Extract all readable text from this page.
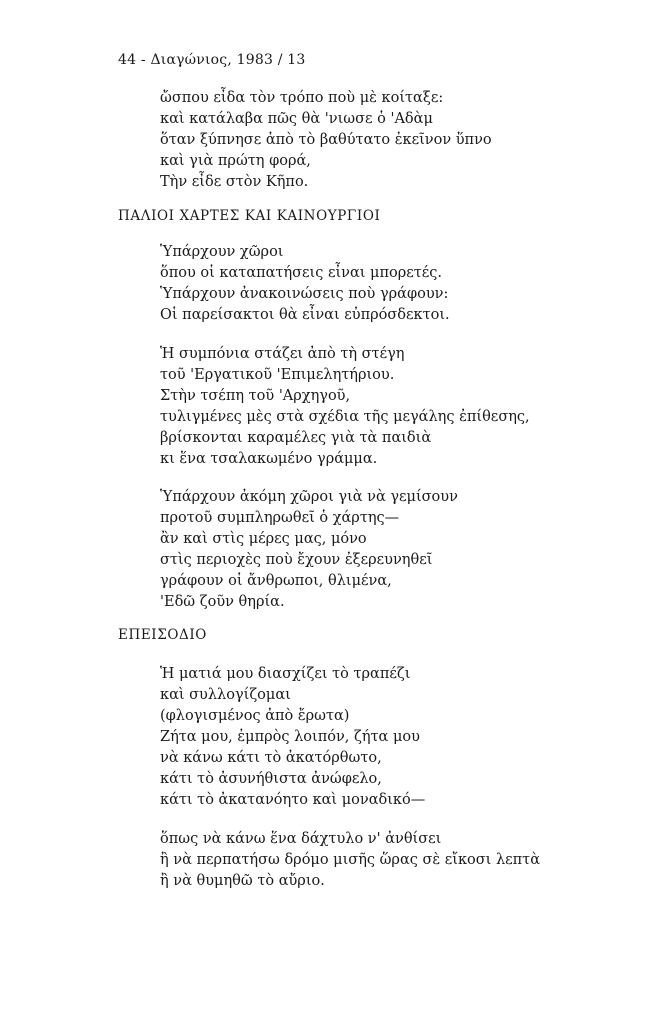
44 - Διαγώνιος, 1983 / 13
ὤσπου εἶδα τὸν τρόπο ποὺ μὲ κοίταξε:
καὶ κατάλαβα πῶς θὰ 'νιωσε ὁ 'Αδὰμ
ὅταν ξύπνησε ἀπὸ τὸ βαθύτατο ἐκεῖνον ὕπνο
καὶ γιὰ πρώτη φορά,
Τὴν εἶδε στὸν Κῆπο.
ΠΑΛΙΟΙ ΧΑΡΤΕΣ ΚΑΙ ΚΑΙΝΟΥΡΓΙΟΙ
Ὑπάρχουν χῶροι
ὅπου οἱ καταπατήσεις εἶναι μπορετές.
Ὑπάρχουν ἀνακοινώσεις ποὺ γράφουν:
Οἱ παρείσακτοι θὰ εἶναι εὐπρόσδεκτοι.
Ἡ συμπόνια στάζει ἀπὸ τὴ στέγη
τοῦ 'Εργατικοῦ 'Επιμελητήριου.
Στὴν τσέπη τοῦ 'Αρχηγοῦ,
τυλιγμένες μὲς στὰ σχέδια τῆς μεγάλης ἐπίθεσης,
βρίσκονται καραμέλες γιὰ τὰ παιδιὰ
κι ἕνα τσαλακωμένο γράμμα.
Ὑπάρχουν ἀκόμη χῶροι γιὰ νὰ γεμίσουν
προτοῦ συμπληρωθεῖ ὁ χάρτης—
ἂν καὶ στὶς μέρες μας, μόνο
στὶς περιοχὲς ποὺ ἔχουν ἐξερευνηθεῖ
γράφουν οἱ ἄνθρωποι, θλιμένα,
'Εδῶ ζοῦν θηρία.
ΕΠΕΙΣΟΔΙΟ
Ἡ ματιά μου διασχίζει τὸ τραπέζι
καὶ συλλογίζομαι
(φλογισμένος ἀπὸ ἔρωτα)
Ζήτα μου, ἐμπρὸς λοιπόν, ζήτα μου
νὰ κάνω κάτι τὸ ἀκατόρθωτο,
κάτι τὸ ἀσυνήθιστα ἀνώφελο,
κάτι τὸ ἀκατανόητο καὶ μοναδικό—
ὅπως νὰ κάνω ἕνα δάχτυλο ν' ἀνθίσει
ἢ νὰ περπατήσω δρόμο μισῆς ὥρας σὲ εἴκοσι λεπτὰ
ἢ νὰ θυμηθῶ τὸ αὔριο.
